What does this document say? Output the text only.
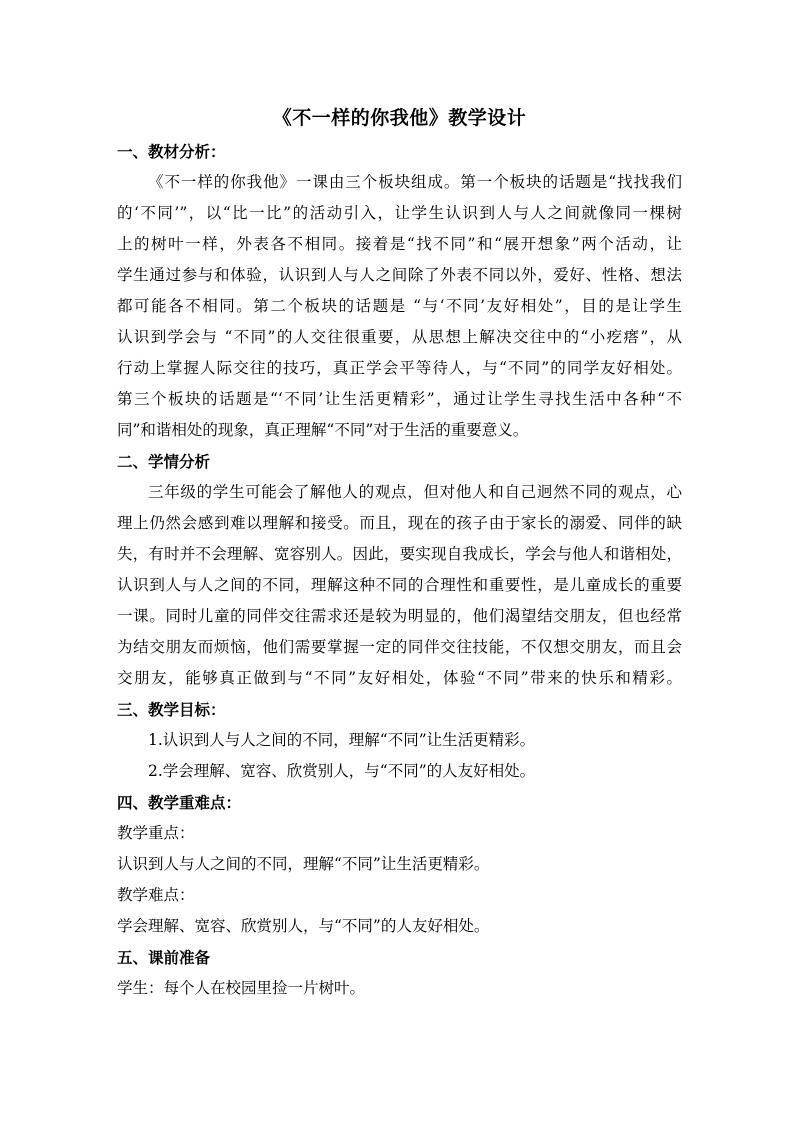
《不一样的你我他》教学设计
一、教材分析：
《不一样的你我他》一课由三个板块组成。第一个板块的话题是“找找我们
的‘不同’”，以“比一比”的活动引入，让学生认识到人与人之间就像同一棵树
上的树叶一样，外表各不相同。接着是“找不同”和“展开想象”两个活动，让
学生通过参与和体验，认识到人与人之间除了外表不同以外，爱好、性格、想法
都可能各不相同。第二个板块的话题是 “与‘不同’友好相处”，目的是让学生
认识到学会与 “不同”的人交往很重要，从思想上解决交往中的“小疙瘩”，从
行动上掌握人际交往的技巧，真正学会平等待人，与“不同”的同学友好相处。
第三个板块的话题是“‘不同’让生活更精彩”，通过让学生寻找生活中各种“不
同”和谐相处的现象，真正理解“不同”对于生活的重要意义。
二、学情分析
三年级的学生可能会了解他人的观点，但对他人和自己迥然不同的观点，心
理上仍然会感到难以理解和接受。而且，现在的孩子由于家长的溺爱、同伴的缺
失，有时并不会理解、宽容别人。因此，要实现自我成长，学会与他人和谐相处，
认识到人与人之间的不同，理解这种不同的合理性和重要性，是儿童成长的重要
一课。同时儿童的同伴交往需求还是较为明显的，他们渴望结交朋友，但也经常
为结交朋友而烦恼，他们需要掌握一定的同伴交往技能，不仅想交朋友，而且会
交朋友，能够真正做到与“不同”友好相处，体验“不同”带来的快乐和精彩。
三、教学目标：

1.认识到人与人之间的不同，理解“不同”让生活更精彩。

2.学会理解、宽容、欣赏别人，与“不同”的人友好相处。

四、教学重难点：

教学重点：

认识到人与人之间的不同，理解“不同”让生活更精彩。

教学难点：

学会理解、宽容、欣赏别人，与“不同”的人友好相处。

五、课前准备

学生：每个人在校园里捡一片树叶。
